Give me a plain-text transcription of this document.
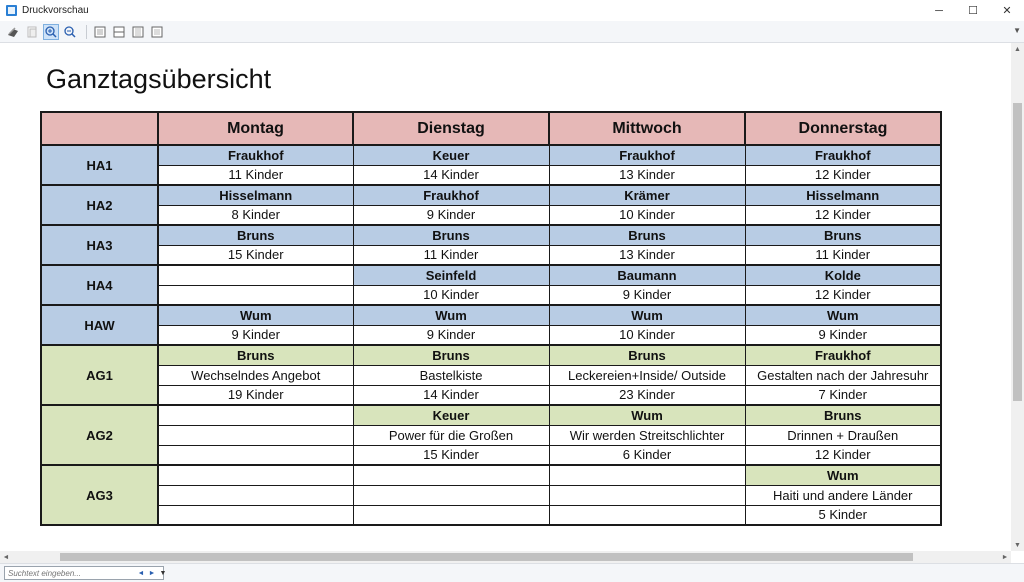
Druckvorschau	─	☐	✕
▼
Ganztagsübersicht
	Montag	Dienstag	Mittwoch	Donnerstag
HA1	Fraukhof	Keuer	Fraukhof	Fraukhof
	11 Kinder	14 Kinder	13 Kinder	12 Kinder
HA2	Hisselmann	Fraukhof	Krämer	Hisselmann
	8 Kinder	9 Kinder	10 Kinder	12 Kinder
HA3	Bruns	Bruns	Bruns	Bruns
	15 Kinder	11 Kinder	13 Kinder	11 Kinder
HA4		Seinfeld	Baumann	Kolde
		10 Kinder	9 Kinder	12 Kinder
HAW	Wum	Wum	Wum	Wum
	9 Kinder	9 Kinder	10 Kinder	9 Kinder
AG1	Bruns	Bruns	Bruns	Fraukhof
	Wechselndes Angebot	Bastelkiste	Leckereien+Inside/ Outside	Gestalten nach der Jahresuhr
	19 Kinder	14 Kinder	23 Kinder	7 Kinder
AG2		Keuer	Wum	Bruns
		Power für die Großen	Wir werden Streitschlichter	Drinnen + Draußen
		15 Kinder	6 Kinder	12 Kinder
AG3				Wum
				Haiti und andere Länder
				5 Kinder
▲
▼
◄	►
Suchtext eingeben...
◄ ► ▼
